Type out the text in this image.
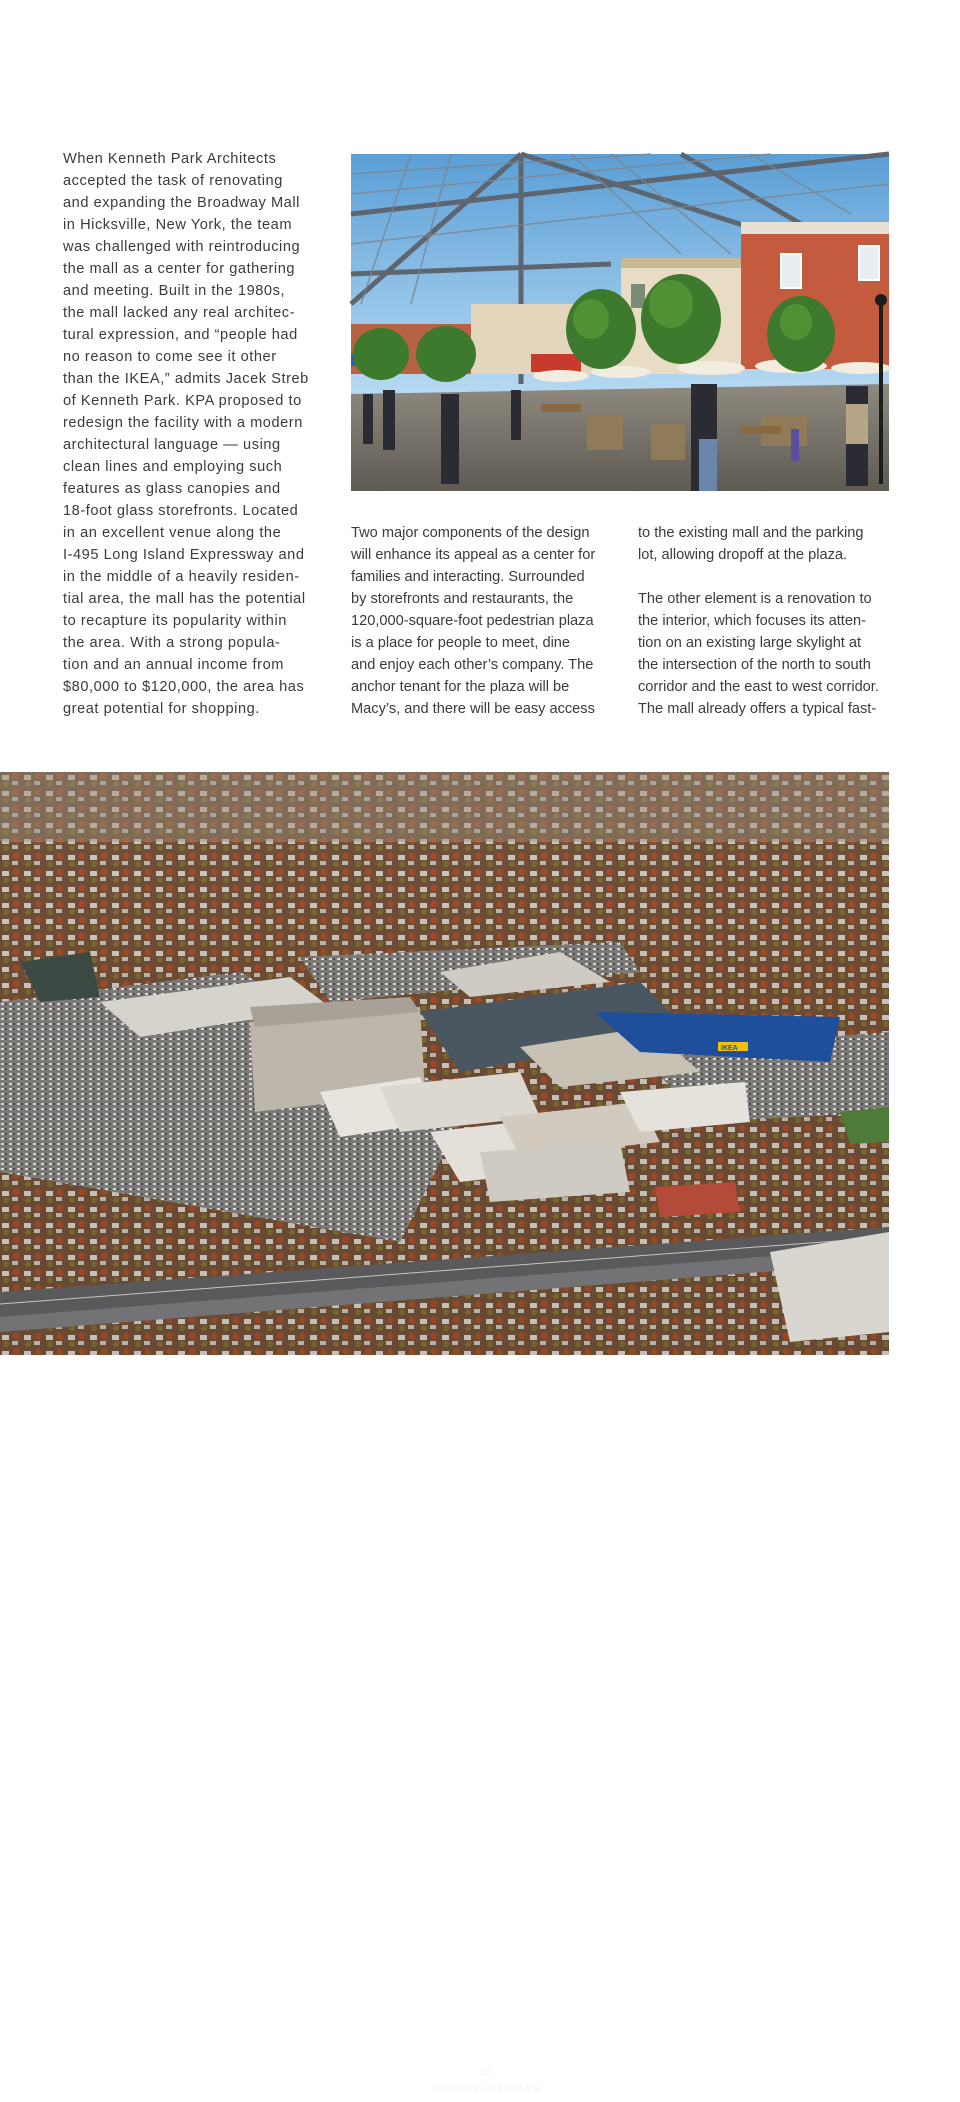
When Kenneth Park Architects
accepted the task of renovating
and expanding the Broadway Mall
in Hicksville, New York, the team
was challenged with reintroducing
the mall as a center for gathering
and meeting. Built in the 1980s,
the mall lacked any real architec-
tural expression, and “people had
no reason to come see it other
than the IKEA,” admits Jacek Streb
of Kenneth Park. KPA proposed to
redesign the facility with a modern
architectural language — using
clean lines and employing such
features as glass canopies and
18-foot glass storefronts. Located
in an excellent venue along the
I-495 Long Island Expressway and
in the middle of a heavily residen-
tial area, the mall has the potential
to recapture its popularity within
the area. With a strong popula-
tion and an annual income from
$80,000 to $120,000, the area has
great potential for shopping.
Two major components of the design
will enhance its appeal as a center for
families and interacting. Surrounded
by storefronts and restaurants, the
120,000-square-foot pedestrian plaza
is a place for people to meet, dine
and enjoy each other’s company. The
anchor tenant for the plaza will be
Macy’s, and there will be easy access
to the existing mall and the parking
lot, allowing dropoff at the plaza.

The other element is a renovation to
the interior, which focuses its atten-
tion on an existing large skylight at
the intersection of the north to south
corridor and the east to west corridor.
The mall already offers a typical fast-
IKEA
32
SHOPPING CENTERS
